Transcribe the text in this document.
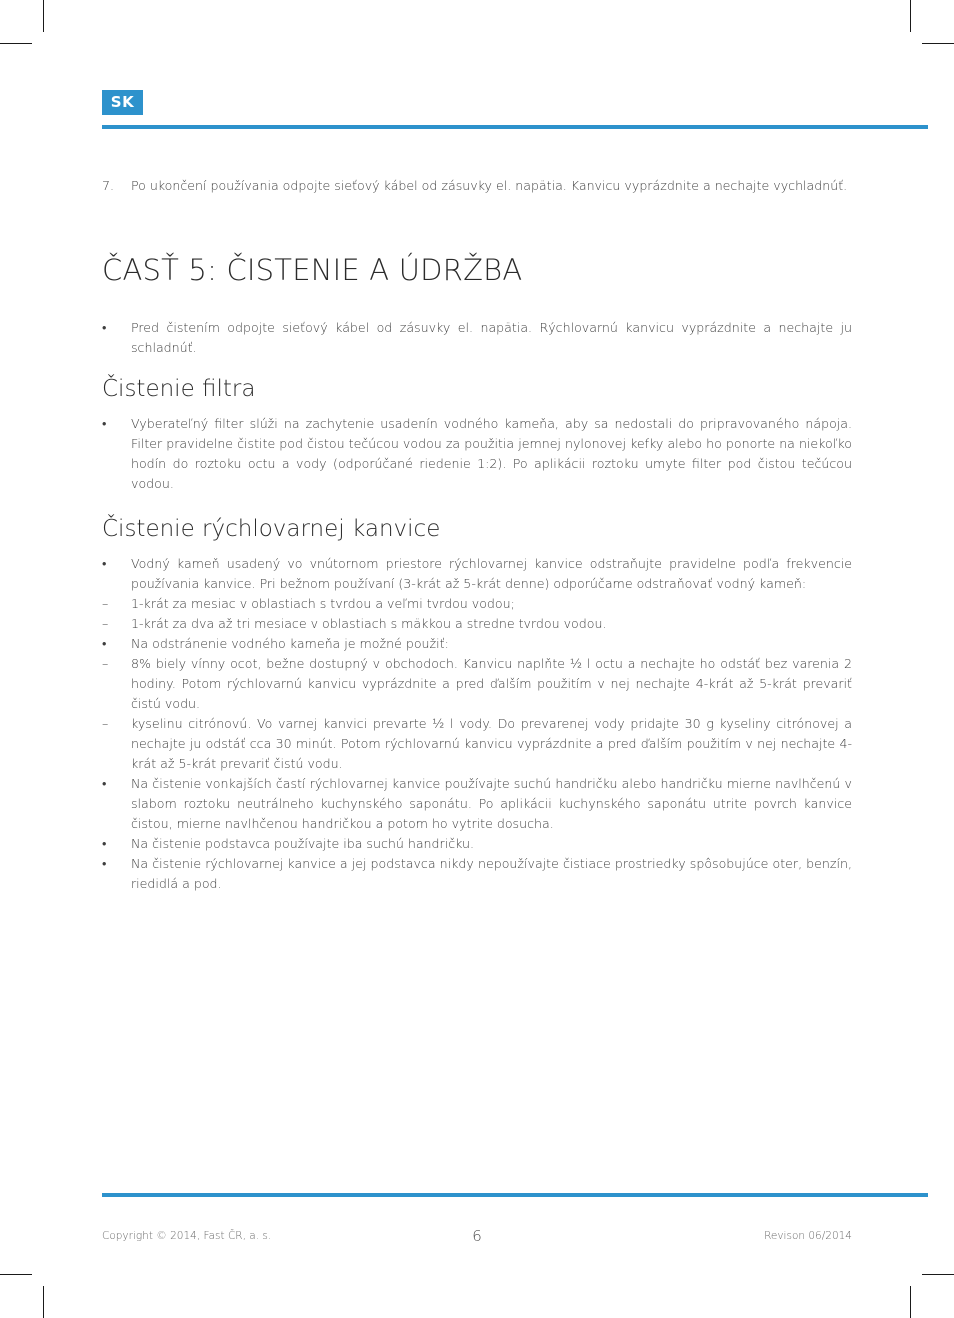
SK
7.	Po ukončení používania odpojte sieťový kábel od zásuvky el. napätia. Kanvicu vyprázdnite a nechajte vychladnúť.
ČASŤ 5: ČISTENIE A ÚDRŽBA
•	Pred čistením odpojte sieťový kábel od zásuvky el. napätia. Rýchlovarnú kanvicu vyprázdnite a nechajte ju schladnúť.
Čistenie filtra
•	Vyberateľný filter slúži na zachytenie usadenín vodného kameňa, aby sa nedostali do pripravovaného nápoja. Filter pravidelne čistite pod čistou tečúcou vodou za použitia jemnej nylonovej kefky alebo ho ponorte na niekoľko hodín do roztoku octu a vody (odporúčané riedenie 1:2). Po aplikácii roztoku umyte filter pod čistou tečúcou vodou.
Čistenie rýchlovarnej kanvice
•	Vodný kameň usadený vo vnútornom priestore rýchlovarnej kanvice odstraňujte pravidelne podľa frekvencie používania kanvice. Pri bežnom používaní (3-krát až 5-krát denne) odporúčame odstraňovať vodný kameň:
–	1-krát za mesiac v oblastiach s tvrdou a veľmi tvrdou vodou;
–	1-krát za dva až tri mesiace v oblastiach s mäkkou a stredne tvrdou vodou.
•	Na odstránenie vodného kameňa je možné použiť:
–	8% biely vínny ocot, bežne dostupný v obchodoch. Kanvicu naplňte ½ l octu a nechajte ho odstáť bez varenia 2 hodiny. Potom rýchlovarnú kanvicu vyprázdnite a pred ďalším použitím v nej nechajte 4-krát až 5-krát prevariť čistú vodu.
–	kyselinu citrónovú. Vo varnej kanvici prevarte ½ l vody. Do prevarenej vody pridajte 30 g kyseliny citrónovej a nechajte ju odstáť cca 30 minút. Potom rýchlovarnú kanvicu vyprázdnite a pred ďalším použitím v nej nechajte 4-krát až 5-krát prevariť čistú vodu.
•	Na čistenie vonkajších častí rýchlovarnej kanvice používajte suchú handričku alebo handričku mierne navlhčenú v slabom roztoku neutrálneho kuchynského saponátu. Po aplikácii kuchynského saponátu utrite povrch kanvice čistou, mierne navlhčenou handričkou a potom ho vytrite dosucha.
•	Na čistenie podstavca používajte iba suchú handričku.
•	Na čistenie rýchlovarnej kanvice a jej podstavca nikdy nepoužívajte čistiace prostriedky spôsobujúce oter, benzín, riedidlá a pod.
Copyright © 2014, Fast ČR, a. s.	6	Revison 06/2014
